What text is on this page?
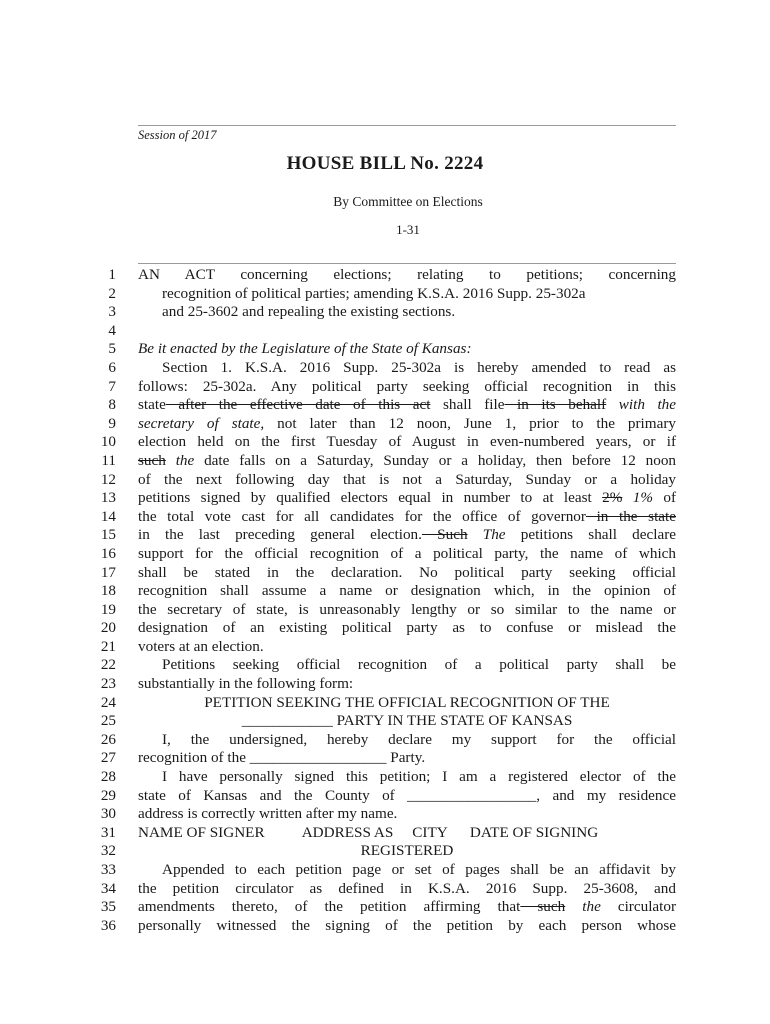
Session of 2017
HOUSE BILL No. 2224
By Committee on Elections
1-31
1 AN ACT concerning elections; relating to petitions; concerning
2	recognition of political parties; amending K.S.A. 2016 Supp. 25-302a
3	and 25-3602 and repealing the existing sections.
4
5 Be it enacted by the Legislature of the State of Kansas:
6	Section 1. K.S.A. 2016 Supp. 25-302a is hereby amended to read as
7 follows: 25-302a. Any political party seeking official recognition in this
8 state after the effective date of this act shall file in its behalf with the
9 secretary of state, not later than 12 noon, June 1, prior to the primary
10 election held on the first Tuesday of August in even-numbered years, or if
11 such the date falls on a Saturday, Sunday or a holiday, then before 12 noon
12 of the next following day that is not a Saturday, Sunday or a holiday
13 petitions signed by qualified electors equal in number to at least 2% 1% of
14 the total vote cast for all candidates for the office of governor in the state
15 in the last preceding general election. Such The petitions shall declare
16 support for the official recognition of a political party, the name of which
17 shall be stated in the declaration. No political party seeking official
18 recognition shall assume a name or designation which, in the opinion of
19 the secretary of state, is unreasonably lengthy or so similar to the name or
20 designation of an existing political party as to confuse or mislead the
21 voters at an election.
22	Petitions seeking official recognition of a political party shall be
23 substantially in the following form:
24	PETITION SEEKING THE OFFICIAL RECOGNITION OF THE
25	____________ PARTY IN THE STATE OF KANSAS
26	I, the undersigned, hereby declare my support for the official
27 recognition of the __________________ Party.
28	I have personally signed this petition; I am a registered elector of the
29 state of Kansas and the County of _________________, and my residence
30 address is correctly written after my name.
31 NAME OF SIGNER          ADDRESS AS     CITY      DATE OF SIGNING
32	REGISTERED
33	Appended to each petition page or set of pages shall be an affidavit by
34 the petition circulator as defined in K.S.A. 2016 Supp. 25-3608, and
35 amendments thereto, of the petition affirming that such the circulator
36 personally witnessed the signing of the petition by each person whose
